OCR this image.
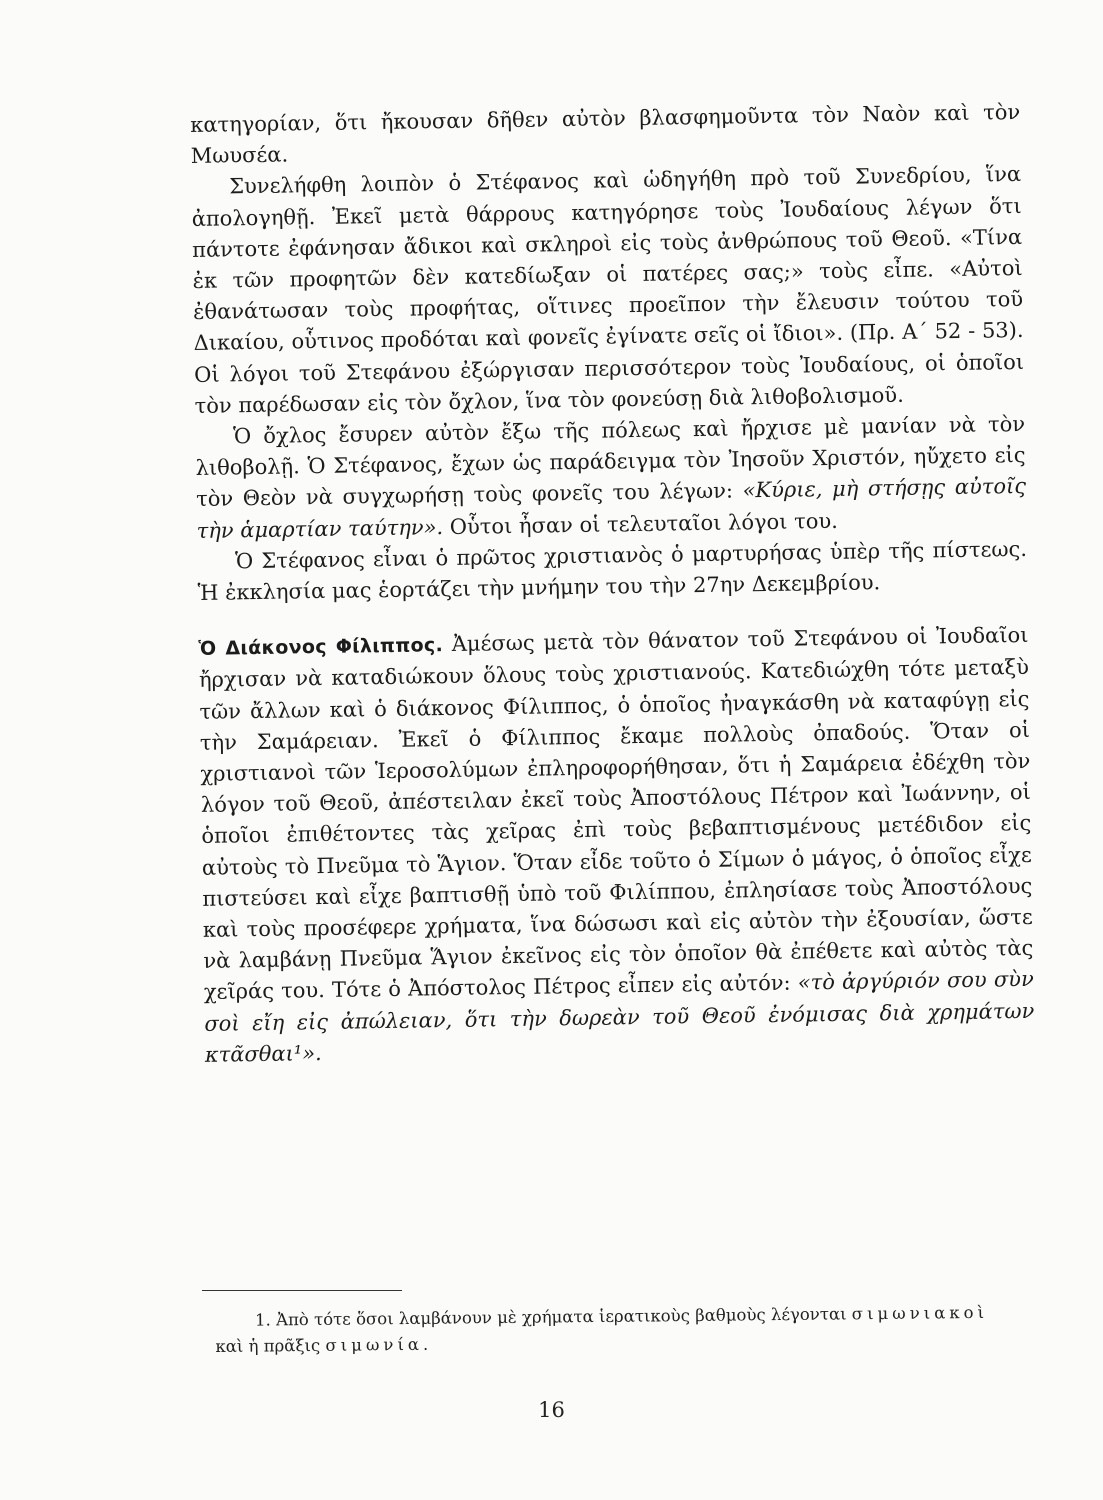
κατηγορίαν, ὅτι ἤκουσαν δῆθεν αὐτὸν βλασφημοῦντα τὸν Ναὸν καὶ τὸν Μωυσέα.

Συνελήφθη λοιπὸν ὁ Στέφανος καὶ ὡδηγήθη πρὸ τοῦ Συνεδρίου, ἵνα ἀπολογηθῇ. Ἐκεῖ μετὰ θάρρους κατηγόρησε τοὺς Ἰουδαίους λέγων ὅτι πάντοτε ἐφάνησαν ἄδικοι καὶ σκληροὶ εἰς τοὺς ἀνθρώπους τοῦ Θεοῦ. «Τίνα ἐκ τῶν προφητῶν δὲν κατεδίωξαν οἱ πατέρες σας;» τοὺς εἶπε. «Αὐτοὶ ἐθανάτωσαν τοὺς προφήτας, οἵτινες προεῖπον τὴν ἔλευσιν τούτου τοῦ Δικαίου, οὗτινος προδόται καὶ φονεῖς ἐγίνατε σεῖς οἱ ἴδιοι». (Πρ. Α΄ 52 - 53). Οἱ λόγοι τοῦ Στεφάνου ἐξώργισαν περισσότερον τοὺς Ἰουδαίους, οἱ ὁποῖοι τὸν παρέδωσαν εἰς τὸν ὄχλον, ἵνα τὸν φονεύσῃ διὰ λιθοβολισμοῦ.

Ὁ ὄχλος ἔσυρεν αὐτὸν ἔξω τῆς πόλεως καὶ ἤρχισε μὲ μανίαν νὰ τὸν λιθοβολῇ. Ὁ Στέφανος, ἔχων ὡς παράδειγμα τὸν Ἰησοῦν Χριστόν, ηὔχετο εἰς τὸν Θεὸν νὰ συγχωρήσῃ τοὺς φονεῖς του λέγων: «Κύριε, μὴ στήσῃς αὐτοῖς τὴν ἁμαρτίαν ταύτην». Οὗτοι ἦσαν οἱ τελευταῖοι λόγοι του.

Ὁ Στέφανος εἶναι ὁ πρῶτος χριστιανὸς ὁ μαρτυρήσας ὑπὲρ τῆς πίστεως. Ἡ ἐκκλησία μας ἑορτάζει τὴν μνήμην του τὴν 27ην Δεκεμβρίου.

Ὁ Διάκονος Φίλιππος. Ἀμέσως μετὰ τὸν θάνατον τοῦ Στεφάνου οἱ Ἰουδαῖοι ἤρχισαν νὰ καταδιώκουν ὅλους τοὺς χριστιανούς. Κατεδιώχθη τότε μεταξὺ τῶν ἄλλων καὶ ὁ διάκονος Φίλιππος, ὁ ὁποῖος ἠναγκάσθη νὰ καταφύγῃ εἰς τὴν Σαμάρειαν. Ἐκεῖ ὁ Φίλιππος ἔκαμε πολλοὺς ὀπαδούς. Ὅταν οἱ χριστιανοὶ τῶν Ἱεροσολύμων ἐπληροφορήθησαν, ὅτι ἡ Σαμάρεια ἐδέχθη τὸν λόγον τοῦ Θεοῦ, ἀπέστειλαν ἐκεῖ τοὺς Ἀποστόλους Πέτρον καὶ Ἰωάννην, οἱ ὁποῖοι ἐπιθέτοντες τὰς χεῖρας ἐπὶ τοὺς βεβαπτισμένους μετέδιδον εἰς αὐτοὺς τὸ Πνεῦμα τὸ Ἅγιον. Ὅταν εἶδε τοῦτο ὁ Σίμων ὁ μάγος, ὁ ὁποῖος εἶχε πιστεύσει καὶ εἶχε βαπτισθῇ ὑπὸ τοῦ Φιλίππου, ἐπλησίασε τοὺς Ἀποστόλους καὶ τοὺς προσέφερε χρήματα, ἵνα δώσωσι καὶ εἰς αὐτὸν τὴν ἐξουσίαν, ὥστε νὰ λαμβάνῃ Πνεῦμα Ἅγιον ἐκεῖνος εἰς τὸν ὁποῖον θὰ ἐπέθετε καὶ αὐτὸς τὰς χεῖράς του. Τότε ὁ Ἀπόστολος Πέτρος εἶπεν εἰς αὐτόν: «τὸ ἀργύριόν σου σὺν σοὶ εἴη εἰς ἀπώλειαν, ὅτι τὴν δωρεὰν τοῦ Θεοῦ ἐνόμισας διὰ χρημάτων κτᾶσθαι¹».

1. Ἀπὸ τότε ὅσοι λαμβάνουν μὲ χρήματα ἱερατικοὺς βαθμοὺς λέγονται σιμωνιακοὶ καὶ ἡ πρᾶξις σιμωνία.

16
